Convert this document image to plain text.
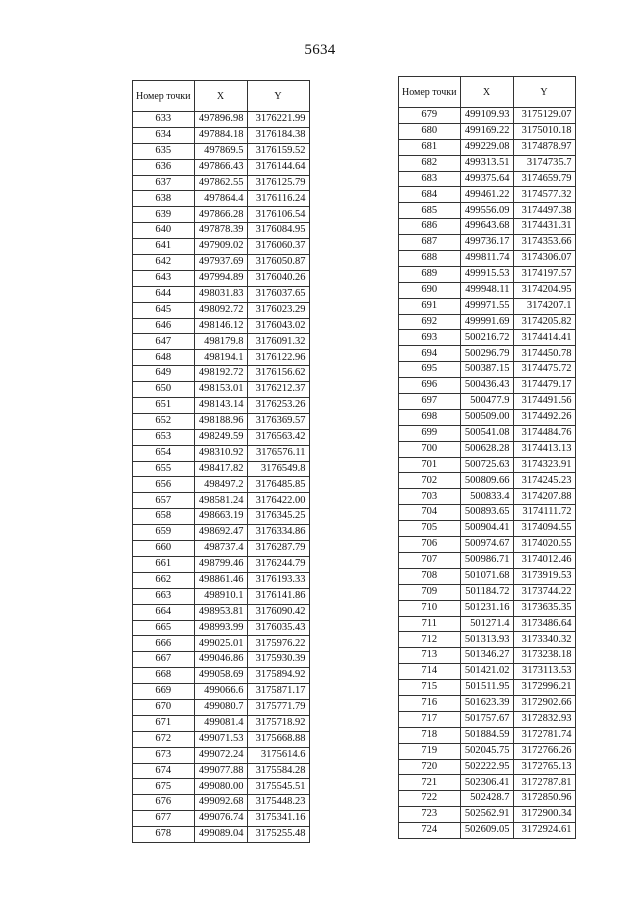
5634
Номер точки	X	Y
633	497896.98	3176221.99
634	497884.18	3176184.38
635	497869.5	3176159.52
636	497866.43	3176144.64
637	497862.55	3176125.79
638	497864.4	3176116.24
639	497866.28	3176106.54
640	497878.39	3176084.95
641	497909.02	3176060.37
642	497937.69	3176050.87
643	497994.89	3176040.26
644	498031.83	3176037.65
645	498092.72	3176023.29
646	498146.12	3176043.02
647	498179.8	3176091.32
648	498194.1	3176122.96
649	498192.72	3176156.62
650	498153.01	3176212.37
651	498143.14	3176253.26
652	498188.96	3176369.57
653	498249.59	3176563.42
654	498310.92	3176576.11
655	498417.82	3176549.8
656	498497.2	3176485.85
657	498581.24	3176422.00
658	498663.19	3176345.25
659	498692.47	3176334.86
660	498737.4	3176287.79
661	498799.46	3176244.79
662	498861.46	3176193.33
663	498910.1	3176141.86
664	498953.81	3176090.42
665	498993.99	3176035.43
666	499025.01	3175976.22
667	499046.86	3175930.39
668	499058.69	3175894.92
669	499066.6	3175871.17
670	499080.7	3175771.79
671	499081.4	3175718.92
672	499071.53	3175668.88
673	499072.24	3175614.6
674	499077.88	3175584.28
675	499080.00	3175545.51
676	499092.68	3175448.23
677	499076.74	3175341.16
678	499089.04	3175255.48
Номер точки	X	Y
679	499109.93	3175129.07
680	499169.22	3175010.18
681	499229.08	3174878.97
682	499313.51	3174735.7
683	499375.64	3174659.79
684	499461.22	3174577.32
685	499556.09	3174497.38
686	499643.68	3174431.31
687	499736.17	3174353.66
688	499811.74	3174306.07
689	499915.53	3174197.57
690	499948.11	3174204.95
691	499971.55	3174207.1
692	499991.69	3174205.82
693	500216.72	3174414.41
694	500296.79	3174450.78
695	500387.15	3174475.72
696	500436.43	3174479.17
697	500477.9	3174491.56
698	500509.00	3174492.26
699	500541.08	3174484.76
700	500628.28	3174413.13
701	500725.63	3174323.91
702	500809.66	3174245.23
703	500833.4	3174207.88
704	500893.65	3174111.72
705	500904.41	3174094.55
706	500974.67	3174020.55
707	500986.71	3174012.46
708	501071.68	3173919.53
709	501184.72	3173744.22
710	501231.16	3173635.35
711	501271.4	3173486.64
712	501313.93	3173340.32
713	501346.27	3173238.18
714	501421.02	3173113.53
715	501511.95	3172996.21
716	501623.39	3172902.66
717	501757.67	3172832.93
718	501884.59	3172781.74
719	502045.75	3172766.26
720	502222.95	3172765.13
721	502306.41	3172787.81
722	502428.7	3172850.96
723	502562.91	3172900.34
724	502609.05	3172924.61
